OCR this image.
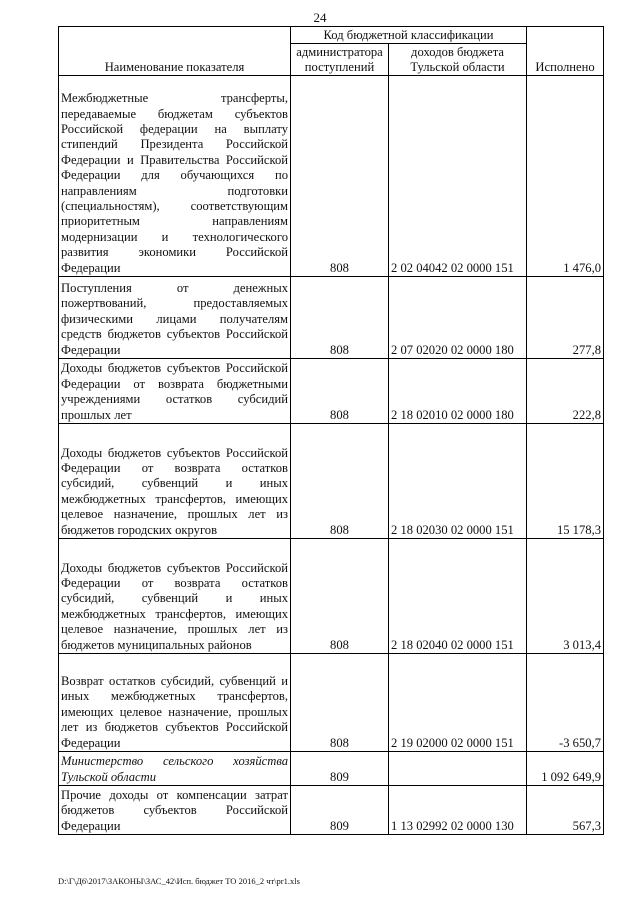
24
Наименование показателя	Код бюджетной классификации		Исполнено
	администратора поступлений	доходов бюджета Тульской области	
Межбюджетные трансферты, передаваемые бюджетам субъектов Российской федерации на выплату стипендий Президента Российской Федерации и Правительства Российской Федерации для обучающихся по направлениям подготовки (специальностям), соответствующим приоритетным направлениям модернизации и технологического развития экономики Российской Федерации	808	2 02 04042 02 0000 151	1 476,0
Поступления от денежных пожертвований, предоставляемых физическими лицами получателям средств бюджетов субъектов Российской Федерации	808	2 07 02020 02 0000 180	277,8
Доходы бюджетов субъектов Российской Федерации от возврата бюджетными учреждениями остатков субсидий прошлых лет	808	2 18 02010 02 0000 180	222,8
Доходы бюджетов субъектов Российской Федерации от возврата остатков субсидий, субвенций и иных межбюджетных трансфертов, имеющих целевое назначение, прошлых лет из бюджетов городских округов	808	2 18 02030 02 0000 151	15 178,3
Доходы бюджетов субъектов Российской Федерации от возврата остатков субсидий, субвенций и иных межбюджетных трансфертов, имеющих целевое назначение, прошлых лет из бюджетов муниципальных районов	808	2 18 02040 02 0000 151	3 013,4
Возврат остатков субсидий, субвенций и иных межбюджетных трансфертов, имеющих целевое назначение, прошлых лет из бюджетов субъектов Российской Федерации	808	2 19 02000 02 0000 151	-3 650,7
Министерство сельского хозяйства Тульской области	809		1 092 649,9
Прочие доходы от компенсации затрат бюджетов субъектов Российской Федерации	809	1 13 02992 02 0000 130	567,3
D:\Г\Д6\2017\ЗАКОНЫ\ЗАС_42\Исп. бюджет ТО 2016_2 чт\pr1.xls
